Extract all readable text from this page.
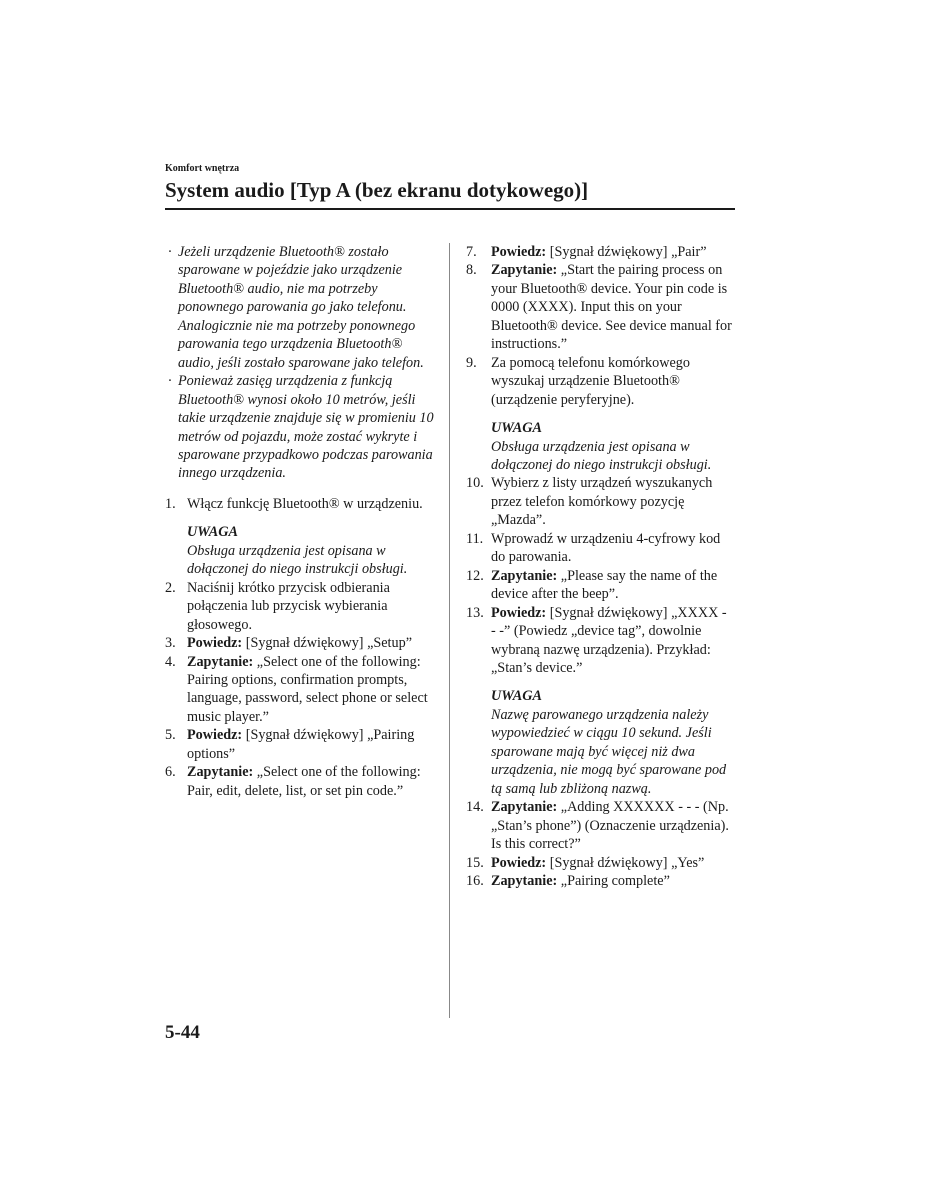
Komfort wnętrza
System audio [Typ A (bez ekranu dotykowego)]
· Jeżeli urządzenie Bluetooth® zostało sparowane w pojeździe jako urządzenie Bluetooth® audio, nie ma potrzeby ponownego parowania go jako telefonu. Analogicznie nie ma potrzeby ponownego parowania tego urządzenia Bluetooth® audio, jeśli zostało sparowane jako telefon.
· Ponieważ zasięg urządzenia z funkcją Bluetooth® wynosi około 10 metrów, jeśli takie urządzenie znajduje się w promieniu 10 metrów od pojazdu, może zostać wykryte i sparowane przypadkowo podczas parowania innego urządzenia.
1. Włącz funkcję Bluetooth® w urządzeniu.
UWAGA
Obsługa urządzenia jest opisana w dołączonej do niego instrukcji obsługi.
2. Naciśnij krótko przycisk odbierania połączenia lub przycisk wybierania głosowego.
3. Powiedz: [Sygnał dźwiękowy] „Setup”
4. Zapytanie: „Select one of the following: Pairing options, confirmation prompts, language, password, select phone or select music player.”
5. Powiedz: [Sygnał dźwiękowy] „Pairing options”
6. Zapytanie: „Select one of the following: Pair, edit, delete, list, or set pin code.”
7. Powiedz: [Sygnał dźwiękowy] „Pair”
8. Zapytanie: „Start the pairing process on your Bluetooth® device. Your pin code is 0000 (XXXX). Input this on your Bluetooth® device. See device manual for instructions.”
9. Za pomocą telefonu komórkowego wyszukaj urządzenie Bluetooth® (urządzenie peryferyjne).
UWAGA
Obsługa urządzenia jest opisana w dołączonej do niego instrukcji obsługi.
10. Wybierz z listy urządzeń wyszukanych przez telefon komórkowy pozycję „Mazda”.
11. Wprowadź w urządzeniu 4-cyfrowy kod do parowania.
12. Zapytanie: „Please say the name of the device after the beep”.
13. Powiedz: [Sygnał dźwiękowy] „XXXX - - -” (Powiedz „device tag”, dowolnie wybraną nazwę urządzenia). Przykład: „Stan’s device.”
UWAGA
Nazwę parowanego urządzenia należy wypowiedzieć w ciągu 10 sekund. Jeśli sparowane mają być więcej niż dwa urządzenia, nie mogą być sparowane pod tą samą lub zbliżoną nazwą.
14. Zapytanie: „Adding XXXXXX - - - (Np. „Stan’s phone”) (Oznaczenie urządzenia). Is this correct?”
15. Powiedz: [Sygnał dźwiękowy] „Yes”
16. Zapytanie: „Pairing complete”
5-44
